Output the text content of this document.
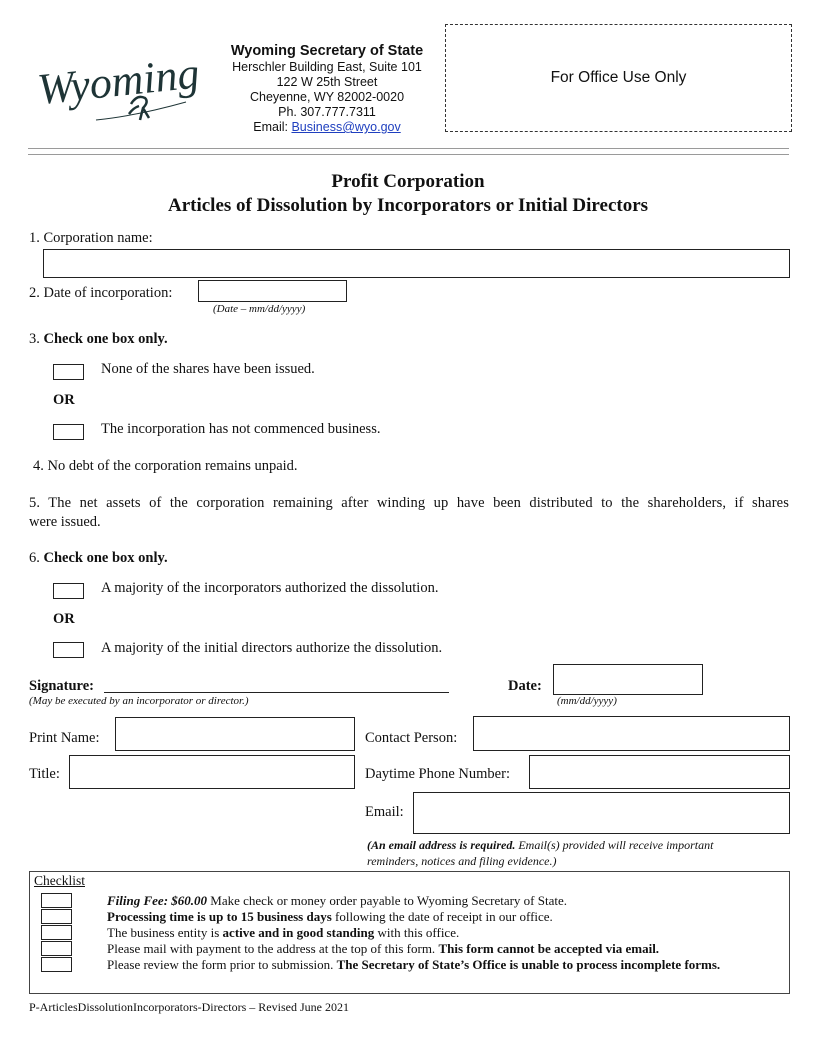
Wyoming	Wyoming Secretary of State
Herschler Building East, Suite 101
122 W 25th Street
Cheyenne, WY 82002-0020
Ph. 307.777.7311
Email: Business@wyo.gov
For Office Use Only
Profit Corporation
Articles of Dissolution by Incorporators or Initial Directors
1. Corporation name:
2. Date of incorporation:
(Date – mm/dd/yyyy)
3. Check one box only.
None of the shares have been issued.
OR
The incorporation has not commenced business.
4. No debt of the corporation remains unpaid.
5. The net assets of the corporation remaining after winding up have been distributed to the shareholders, if shares
were issued.
6. Check one box only.
A majority of the incorporators authorized the dissolution.
OR
A majority of the initial directors authorize the dissolution.
Signature:
(May be executed by an incorporator or director.)
Date:
(mm/dd/yyyy)
Print Name:	Contact Person:
Title:	Daytime Phone Number:
Email:
(An email address is required. Email(s) provided will receive important
reminders, notices and filing evidence.)
Checklist
Filing Fee: $60.00 Make check or money order payable to Wyoming Secretary of State.
Processing time is up to 15 business days following the date of receipt in our office.
The business entity is active and in good standing with this office.
Please mail with payment to the address at the top of this form. This form cannot be accepted via email.
Please review the form prior to submission. The Secretary of State’s Office is unable to process incomplete forms.
P-ArticlesDissolutionIncorporators-Directors – Revised June 2021
